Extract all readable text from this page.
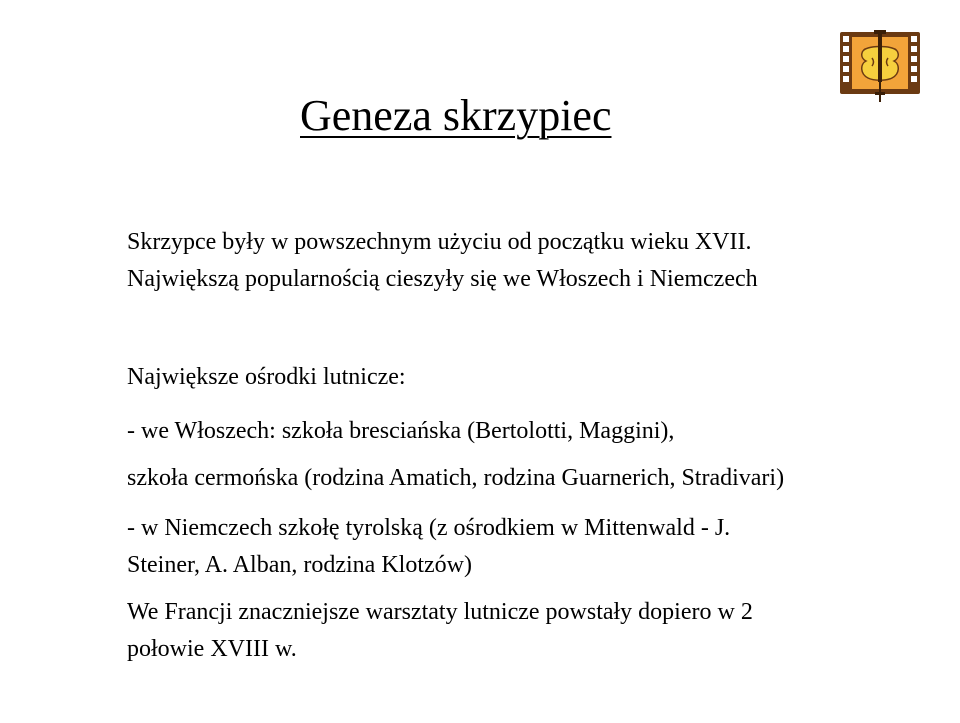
Geneza skrzypiec

Skrzypce były w powszechnym użyciu od początku wieku XVII.
Największą popularnością cieszyły się we Włoszech i Niemczech

Największe ośrodki lutnicze:

- we Włoszech: szkoła bresciańska (Bertolotti, Maggini),

szkoła cermońska (rodzina Amatich, rodzina Guarnerich, Stradivari)

- w Niemczech szkołę tyrolską (z ośrodkiem w Mittenwald - J.
Steiner, A. Alban, rodzina Klotzów)

We Francji znaczniejsze warsztaty lutnicze powstały dopiero w 2
połowie XVIII w.
